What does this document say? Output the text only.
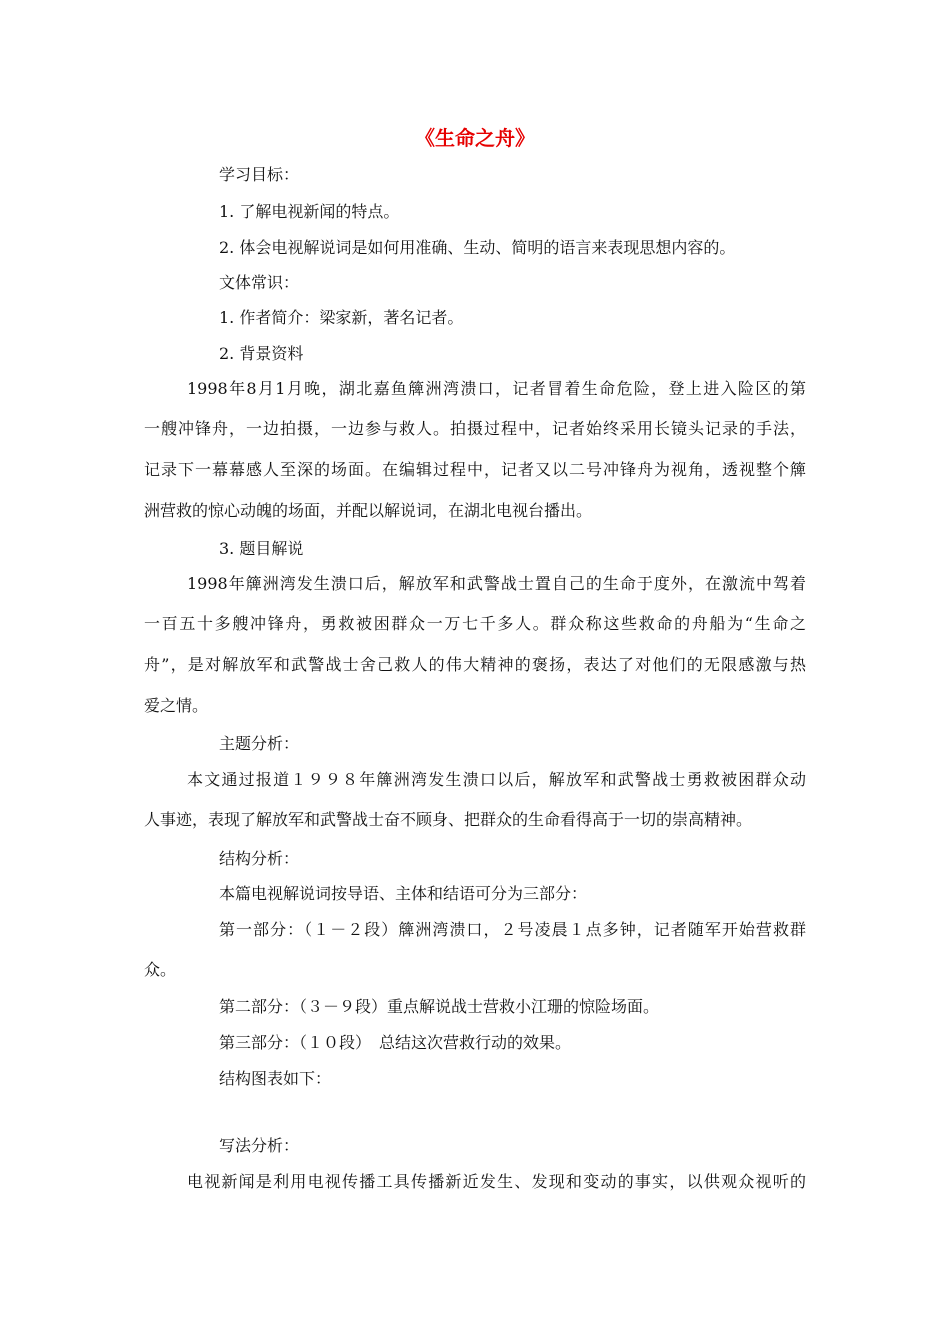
《生命之舟》

学习目标：

1. 了解电视新闻的特点。

2. 体会电视解说词是如何用准确、生动、简明的语言来表现思想内容的。

文体常识：

1. 作者简介：梁家新，著名记者。

2. 背景资料

1998年8月1月晚，湖北嘉鱼簰洲湾溃口，记者冒着生命危险，登上进入险区的第

一艘冲锋舟，一边拍摄，一边参与救人。拍摄过程中，记者始终采用长镜头记录的手法，

记录下一幕幕感人至深的场面。在编辑过程中，记者又以二号冲锋舟为视角，透视整个簰

洲营救的惊心动魄的场面，并配以解说词，在湖北电视台播出。

3. 题目解说

1998年簰洲湾发生溃口后，解放军和武警战士置自己的生命于度外，在激流中驾着

一百五十多艘冲锋舟，勇救被困群众一万七千多人。群众称这些救命的舟船为“生命之

舟”，是对解放军和武警战士舍己救人的伟大精神的褒扬，表达了对他们的无限感激与热

爱之情。

主题分析：

本文通过报道１９９８年簰洲湾发生溃口以后，解放军和武警战士勇救被困群众动

人事迹，表现了解放军和武警战士奋不顾身、把群众的生命看得高于一切的崇高精神。

结构分析：

本篇电视解说词按导语、主体和结语可分为三部分：

第一部分：（１－２段）簰洲湾溃口，２号凌晨１点多钟，记者随军开始营救群

众。

第二部分：（３－９段）重点解说战士营救小江珊的惊险场面。

第三部分：（１０段）　总结这次营救行动的效果。

结构图表如下：

写法分析：

电视新闻是利用电视传播工具传播新近发生、发现和变动的事实，以供观众视听的
